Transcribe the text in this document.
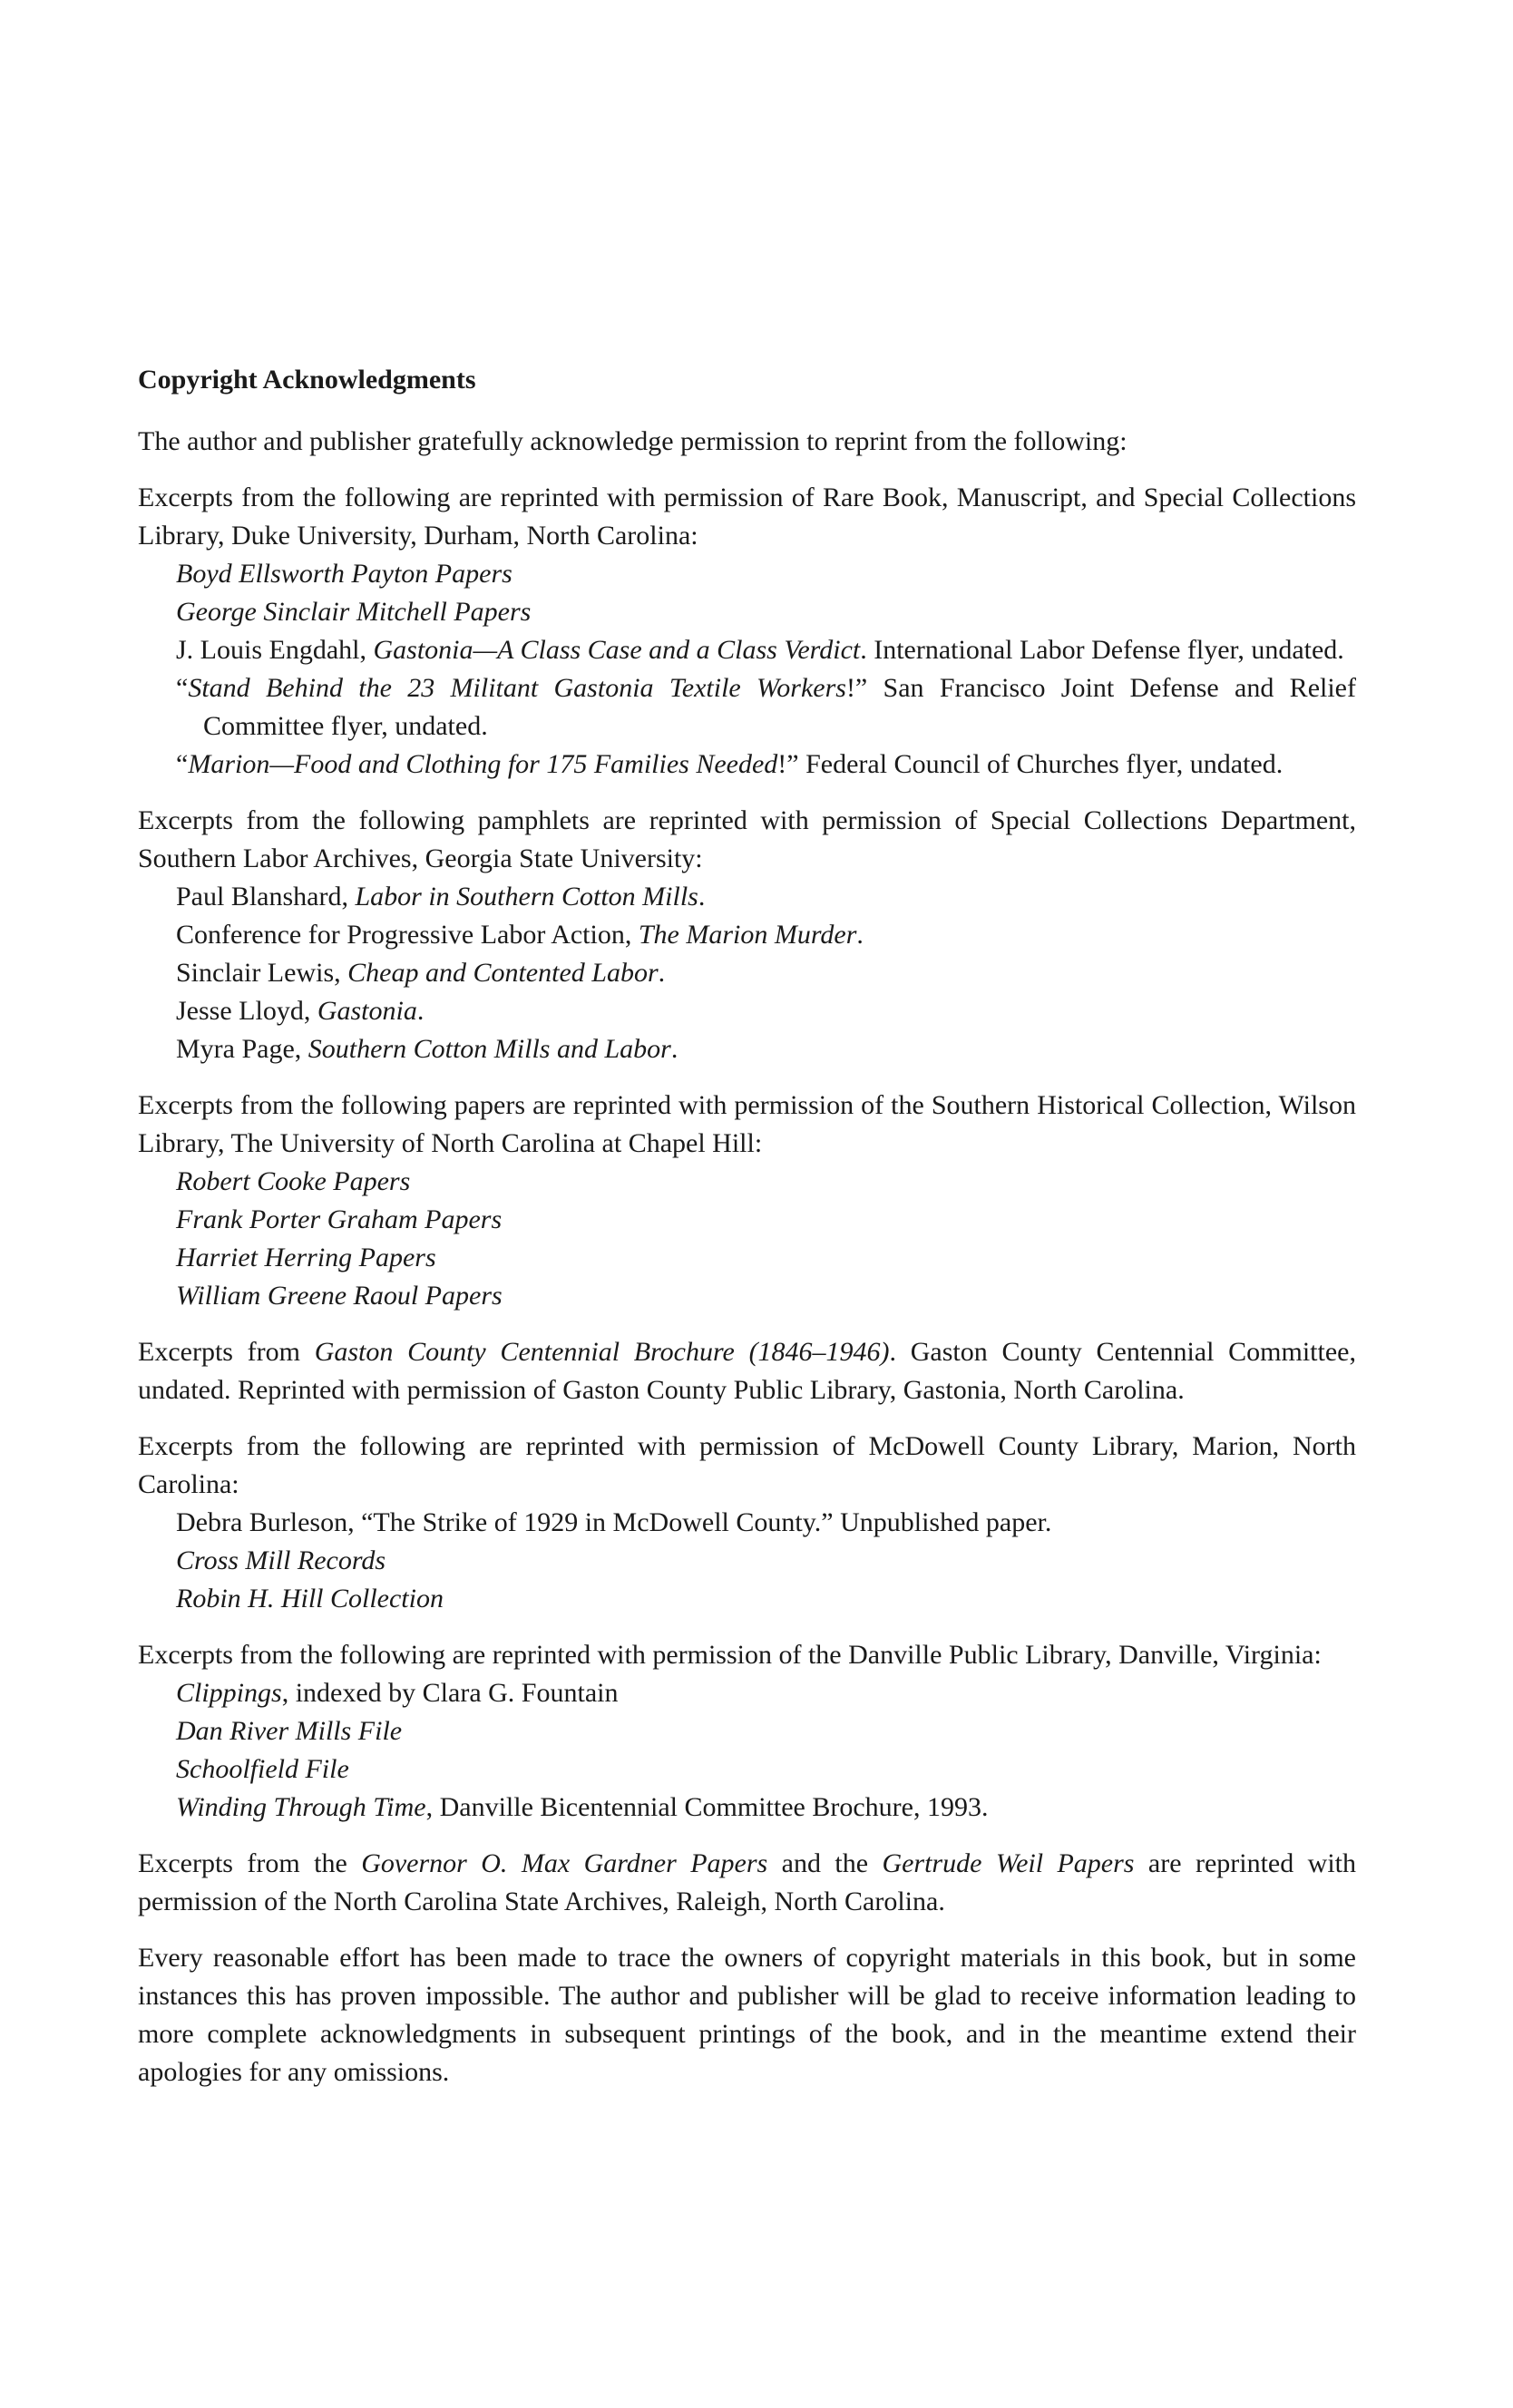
Copyright Acknowledgments

The author and publisher gratefully acknowledge permission to reprint from the following:

Excerpts from the following are reprinted with permission of Rare Book, Manuscript, and Special Collections Library, Duke University, Durham, North Carolina:

Boyd Ellsworth Payton Papers
George Sinclair Mitchell Papers
J. Louis Engdahl, Gastonia—A Class Case and a Class Verdict. International Labor Defense flyer, undated.
“Stand Behind the 23 Militant Gastonia Textile Workers!” San Francisco Joint Defense and Relief Committee flyer, undated.
“Marion—Food and Clothing for 175 Families Needed!” Federal Council of Churches flyer, undated.

Excerpts from the following pamphlets are reprinted with permission of Special Collections Department, Southern Labor Archives, Georgia State University:

Paul Blanshard, Labor in Southern Cotton Mills.
Conference for Progressive Labor Action, The Marion Murder.
Sinclair Lewis, Cheap and Contented Labor.
Jesse Lloyd, Gastonia.
Myra Page, Southern Cotton Mills and Labor.

Excerpts from the following papers are reprinted with permission of the Southern Historical Collection, Wilson Library, The University of North Carolina at Chapel Hill:

Robert Cooke Papers
Frank Porter Graham Papers
Harriet Herring Papers
William Greene Raoul Papers

Excerpts from Gaston County Centennial Brochure (1846–1946). Gaston County Centennial Committee, undated. Reprinted with permission of Gaston County Public Library, Gastonia, North Carolina.

Excerpts from the following are reprinted with permission of McDowell County Library, Marion, North Carolina:

Debra Burleson, “The Strike of 1929 in McDowell County.” Unpublished paper.
Cross Mill Records
Robin H. Hill Collection

Excerpts from the following are reprinted with permission of the Danville Public Library, Danville, Virginia:

Clippings, indexed by Clara G. Fountain
Dan River Mills File
Schoolfield File
Winding Through Time, Danville Bicentennial Committee Brochure, 1993.

Excerpts from the Governor O. Max Gardner Papers and the Gertrude Weil Papers are reprinted with permission of the North Carolina State Archives, Raleigh, North Carolina.

Every reasonable effort has been made to trace the owners of copyright materials in this book, but in some instances this has proven impossible. The author and publisher will be glad to receive information leading to more complete acknowledgments in subsequent printings of the book, and in the meantime extend their apologies for any omissions.
